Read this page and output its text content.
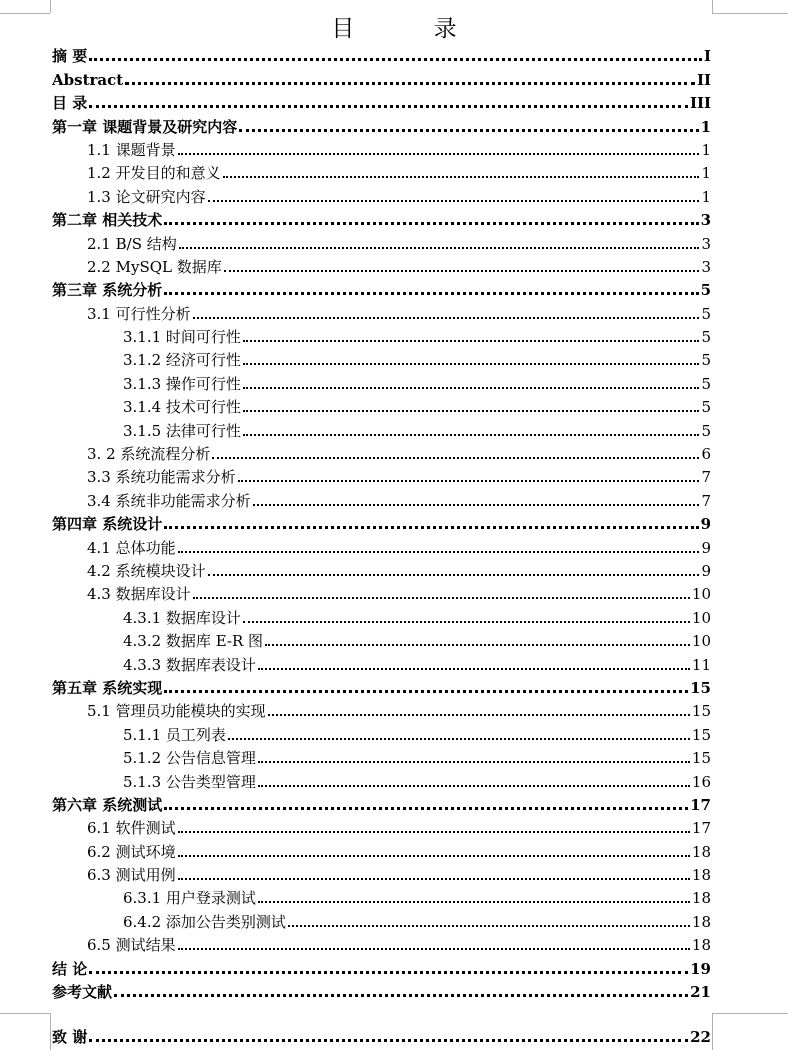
目 录
摘 要	I
Abstract	II
目 录	III
第一章 课题背景及研究内容	1
1.1 课题背景	1
1.2 开发目的和意义	1
1.3 论文研究内容	1
第二章 相关技术	3
2.1 B/S 结构	3
2.2 MySQL 数据库	3
第三章 系统分析	5
3.1 可行性分析	5
3.1.1 时间可行性	5
3.1.2 经济可行性	5
3.1.3 操作可行性	5
3.1.4 技术可行性	5
3.1.5 法律可行性	5
3. 2 系统流程分析	6
3.3 系统功能需求分析	7
3.4 系统非功能需求分析	7
第四章 系统设计	9
4.1 总体功能	9
4.2 系统模块设计	9
4.3 数据库设计	10
4.3.1 数据库设计	10
4.3.2 数据库 E-R 图	10
4.3.3 数据库表设计	11
第五章 系统实现	15
5.1 管理员功能模块的实现	15
5.1.1 员工列表	15
5.1.2 公告信息管理	15
5.1.3 公告类型管理	16
第六章 系统测试	17
6.1 软件测试	17
6.2 测试环境	18
6.3 测试用例	18
6.3.1 用户登录测试	18
6.4.2 添加公告类别测试	18
6.5 测试结果	18
结 论	19
参考文献	21
致 谢	22
